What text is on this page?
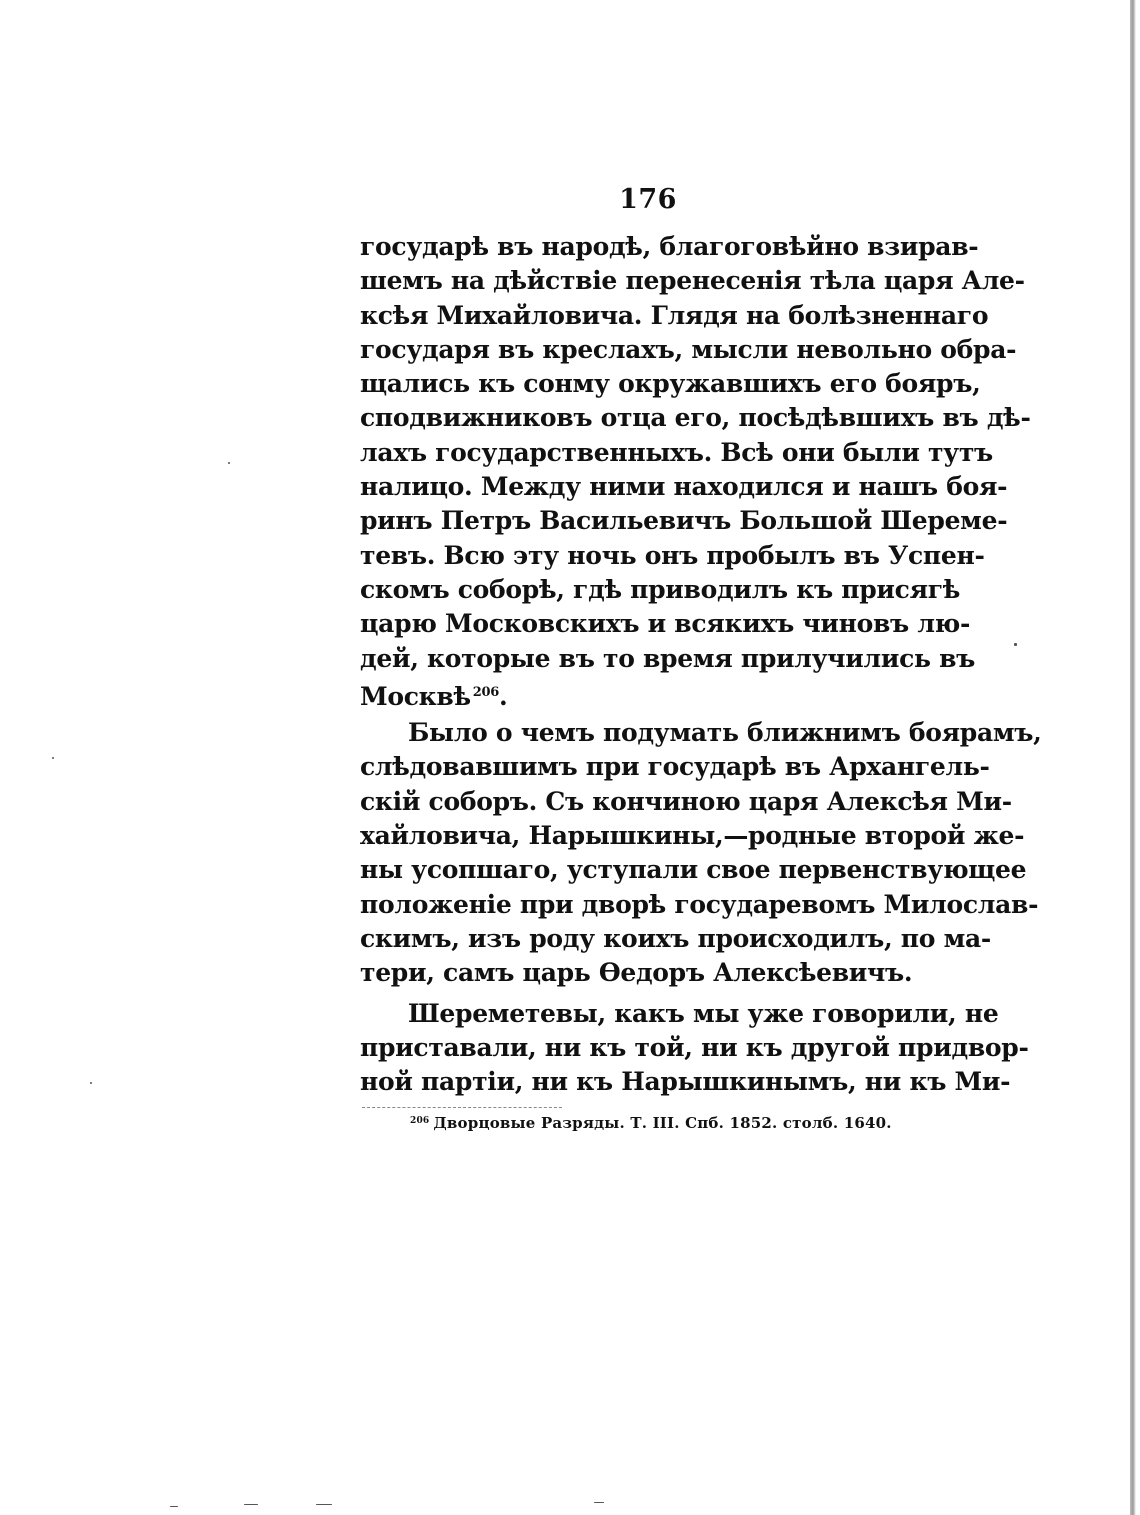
176
государѣ въ народѣ, благоговѣйно взирав-
шемъ на дѣйствіе перенесенія тѣла царя Але-
ксѣя Михайловича. Глядя на болѣзненнаго
государя въ креслахъ, мысли невольно обра-
щались къ сонму окружавшихъ его бояръ,
сподвижниковъ отца его, посѣдѣвшихъ въ дѣ-
лахъ государственныхъ. Всѣ они были тутъ
налицо. Между ними находился и нашъ боя-
ринъ Петръ Васильевичъ Большой Шереме-
тевъ. Всю эту ночь онъ пробылъ въ Успен-
скомъ соборѣ, гдѣ приводилъ къ присягѣ
царю Московскихъ и всякихъ чиновъ лю-
дей, которые въ то время прилучились въ
Москвѣ $^{206}$.
Было о чемъ подумать ближнимъ боярамъ,
слѣдовавшимъ при государѣ въ Архангель-
скій соборъ. Съ кончиною царя Алексѣя Ми-
хайловича, Нарышкины,—родные второй же-
ны усопшаго, уступали свое первенствующее
положеніе при дворѣ государевомъ Милослав-
скимъ, изъ роду коихъ происходилъ, по ма-
тери, самъ царь Ѳедоръ Алексѣевичъ.
Шереметевы, какъ мы уже говорили, не
приставали, ни къ той, ни къ другой придвор-
ной партіи, ни къ Нарышкинымъ, ни къ Ми-
$^{206}$ Дворцовые Разряды. Т. III. Спб. 1852. столб. 1640.
